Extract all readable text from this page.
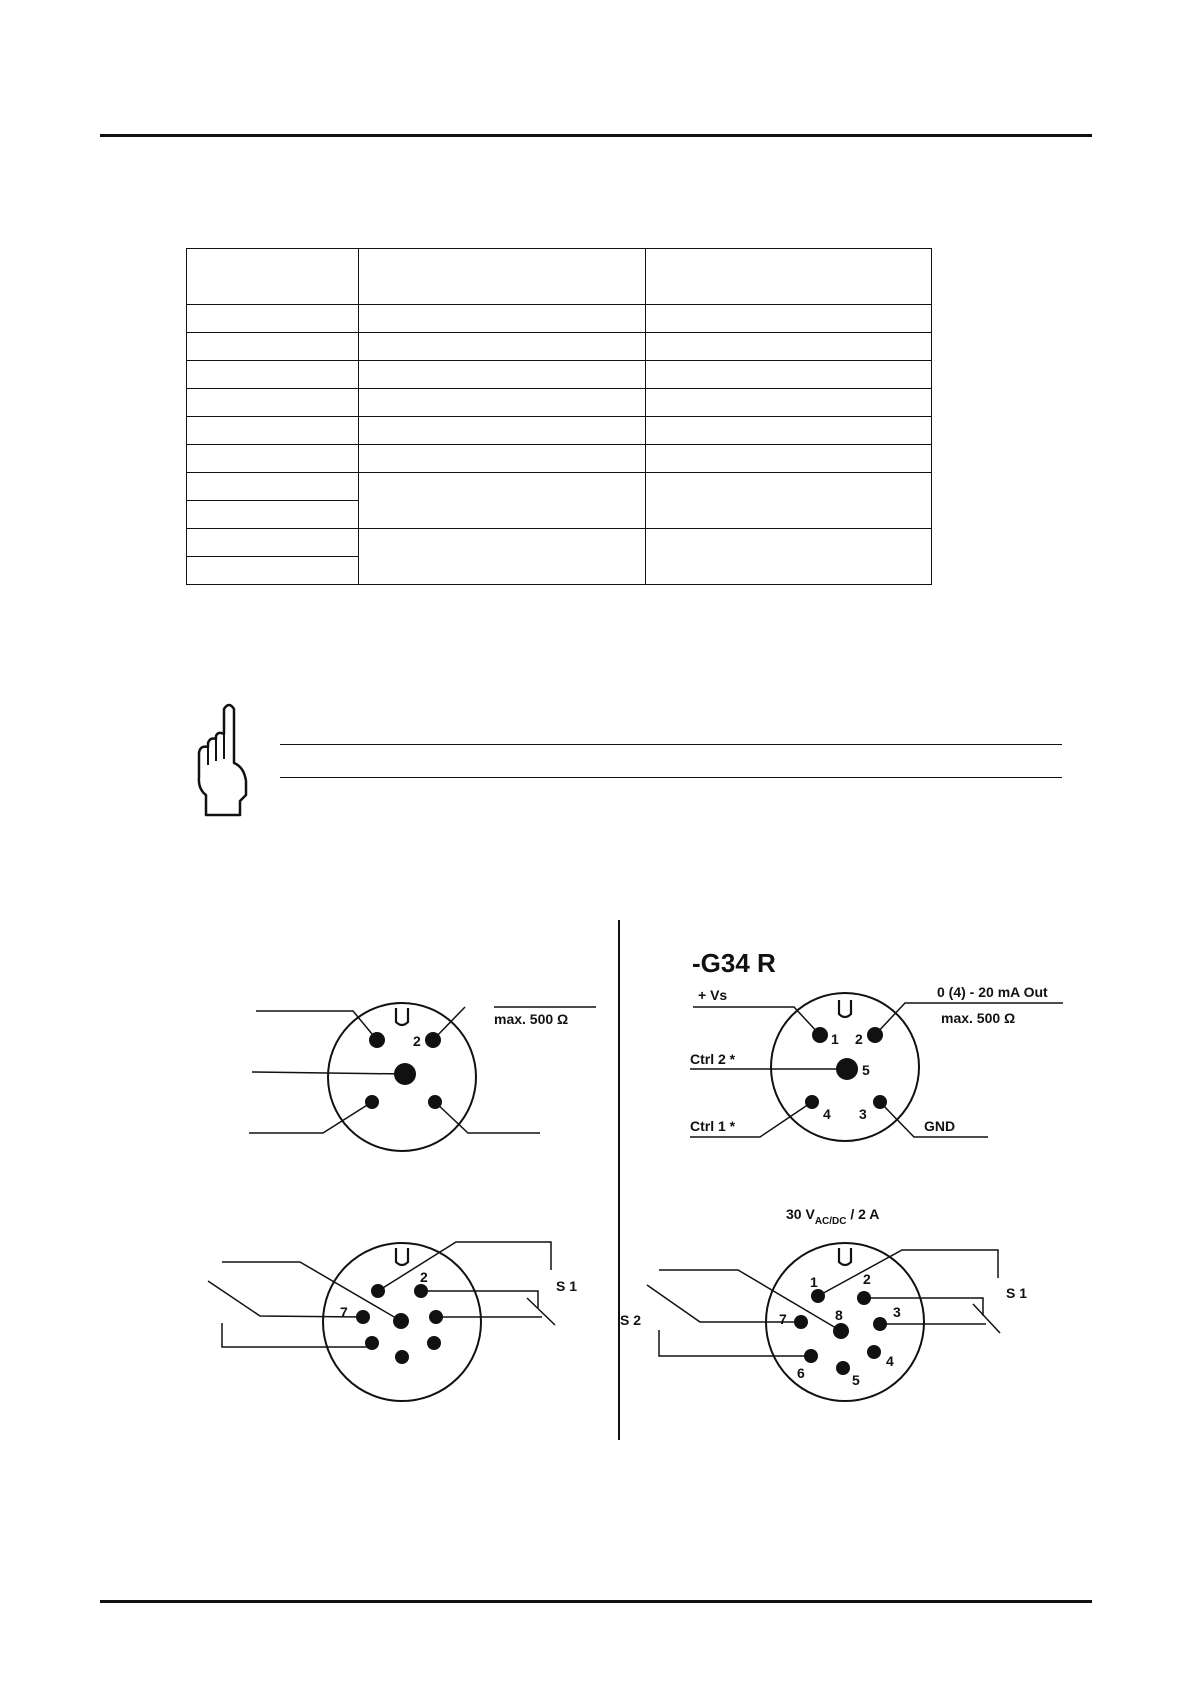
2
max. 500 Ω
-G34 R
+ Vs	0 (4) - 20 mA Out
max. 500 Ω
Ctrl 2 *
Ctrl 1 *	GND
1 2
5
4 3
2
7
S 1
30 $V_{AC/DC} / 2$ A
S 1
S 2
1	2
3
4
5
6
7	8
